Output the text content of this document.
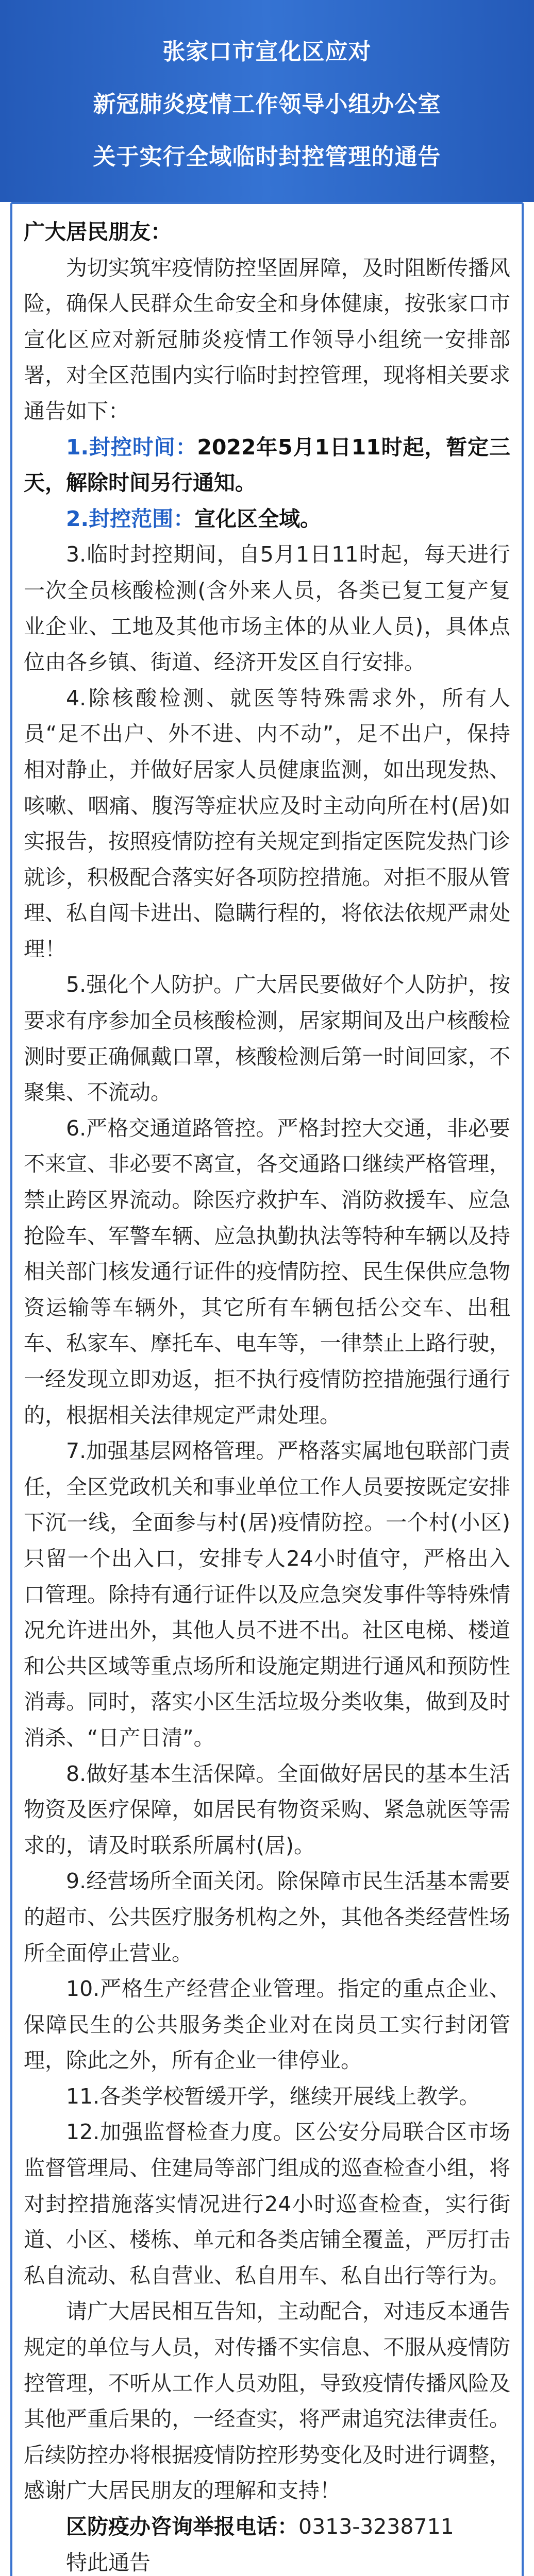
张家口市宣化区应对
新冠肺炎疫情工作领导小组办公室
关于实行全域临时封控管理的通告

广大居民朋友：

为切实筑牢疫情防控坚固屏障，及时阻断传播风险，确保人民群众生命安全和身体健康，按张家口市宣化区应对新冠肺炎疫情工作领导小组统一安排部署，对全区范围内实行临时封控管理，现将相关要求通告如下：

1.封控时间：2022年5月1日11时起，暂定三天，解除时间另行通知。

2.封控范围：宣化区全域。

3.临时封控期间，自5月1日11时起，每天进行一次全员核酸检测(含外来人员，各类已复工复产复业企业、工地及其他市场主体的从业人员)，具体点位由各乡镇、街道、经济开发区自行安排。

4.除核酸检测、就医等特殊需求外，所有人员“足不出户、外不进、内不动”，足不出户，保持相对静止，并做好居家人员健康监测，如出现发热、咳嗽、咽痛、腹泻等症状应及时主动向所在村(居)如实报告，按照疫情防控有关规定到指定医院发热门诊就诊，积极配合落实好各项防控措施。对拒不服从管理、私自闯卡进出、隐瞒行程的，将依法依规严肃处理！

5.强化个人防护。广大居民要做好个人防护，按要求有序参加全员核酸检测，居家期间及出户核酸检测时要正确佩戴口罩，核酸检测后第一时间回家，不聚集、不流动。

6.严格交通道路管控。严格封控大交通，非必要不来宣、非必要不离宣，各交通路口继续严格管理，禁止跨区界流动。除医疗救护车、消防救援车、应急抢险车、军警车辆、应急执勤执法等特种车辆以及持相关部门核发通行证件的疫情防控、民生保供应急物资运输等车辆外，其它所有车辆包括公交车、出租车、私家车、摩托车、电车等，一律禁止上路行驶，一经发现立即劝返，拒不执行疫情防控措施强行通行的，根据相关法律规定严肃处理。

7.加强基层网格管理。严格落实属地包联部门责任，全区党政机关和事业单位工作人员要按既定安排下沉一线，全面参与村(居)疫情防控。一个村(小区)只留一个出入口，安排专人24小时值守，严格出入口管理。除持有通行证件以及应急突发事件等特殊情况允许进出外，其他人员不进不出。社区电梯、楼道和公共区域等重点场所和设施定期进行通风和预防性消毒。同时，落实小区生活垃圾分类收集，做到及时消杀、“日产日清”。

8.做好基本生活保障。全面做好居民的基本生活物资及医疗保障，如居民有物资采购、紧急就医等需求的，请及时联系所属村(居)。

9.经营场所全面关闭。除保障市民生活基本需要的超市、公共医疗服务机构之外，其他各类经营性场所全面停止营业。

10.严格生产经营企业管理。指定的重点企业、保障民生的公共服务类企业对在岗员工实行封闭管理，除此之外，所有企业一律停业。

11.各类学校暂缓开学，继续开展线上教学。

12.加强监督检查力度。区公安分局联合区市场监督管理局、住建局等部门组成的巡查检查小组，将对封控措施落实情况进行24小时巡查检查，实行街道、小区、楼栋、单元和各类店铺全覆盖，严厉打击私自流动、私自营业、私自用车、私自出行等行为。

请广大居民相互告知，主动配合，对违反本通告规定的单位与人员，对传播不实信息、不服从疫情防控管理，不听从工作人员劝阻，导致疫情传播风险及其他严重后果的，一经查实，将严肃追究法律责任。后续防控办将根据疫情防控形势变化及时进行调整，感谢广大居民朋友的理解和支持！

区防疫办咨询举报电话：0313-3238711

特此通告
